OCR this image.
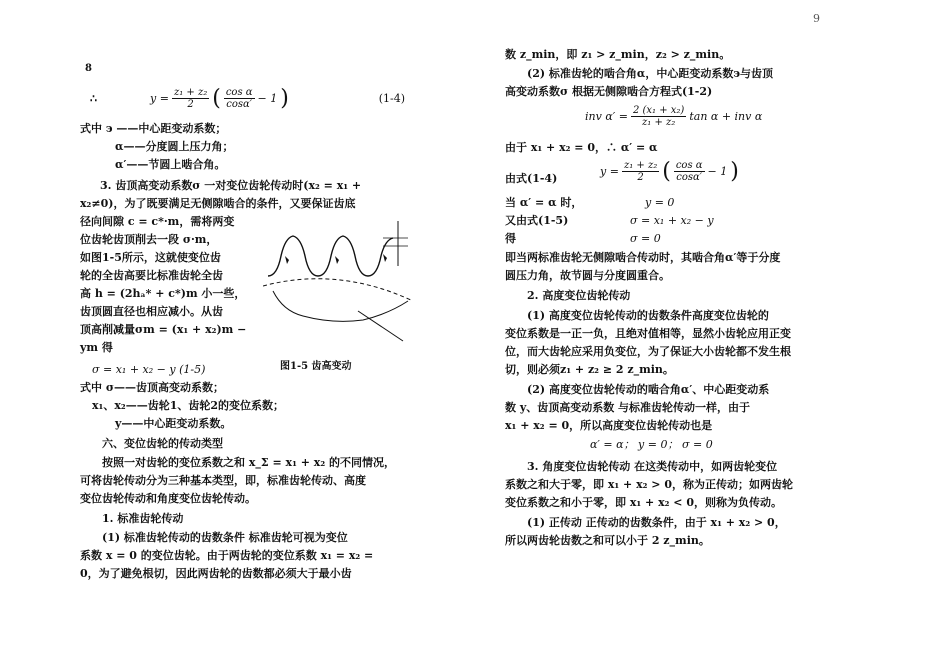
9
8
∴	$y = \frac{\text{z₁ + z₂}}{2}$ ( $\frac{\text{cos α}}{\cos\alpha'} - 1$ )	(1-4)
式中 ϶ ——中心距变动系数；
α——分度圆上压力角；
α′——节圆上啮合角。
3. 齿顶高变动系数σ 一对变位齿轮传动时(x₂ = x₁ +
x₂≠0)，为了既要满足无侧隙啮合的条件，又要保证齿底
径向间隙 c = c*·m，需将两变
位齿轮齿顶削去一段 σ·m，
如图1-5所示，这就使变位齿
轮的全齿高要比标准齿轮全齿
高 h = (2hₐ* + c*)m 小一些，
齿顶圆直径也相应减小。从齿
顶高削减量σm = (x₁ + x₂)m −
ym 得
σ = x₁ + x₂ − y (1-5)
式中 σ——齿顶高变动系数；
x₁、x₂——齿轮1、齿轮2的变位系数；
y——中心距变动系数。
六、变位齿轮的传动类型
按照一对齿轮的变位系数之和 x_Σ = x₁ + x₂ 的不同情况，
可将齿轮传动分为三种基本类型，即，标准齿轮传动、高度
变位齿轮传动和角度变位齿轮传动。
1. 标准齿轮传动
(1) 标准齿轮传动的齿数条件 标准齿轮可视为变位
系数 x = 0 的变位齿轮。由于两齿轮的变位系数 x₁ = x₂ =
0，为了避免根切，因此两齿轮的齿数都必须大于最小齿
图1-5 齿高变动
数 z_min，即 z₁ > z_min，z₂ > z_min。
(2) 标准齿轮的啮合角α，中心距变动系数϶与齿顶
高变动系数σ 根据无侧隙啮合方程式(1-2)
inv $\alpha' = \frac{\text{2 (x₁ + x₂)}}{\text{z₁ + z₂}}$ tan α + inv α
由于 x₁ + x₂ = 0，∴ α′ = α
由式(1-4)
$y = \frac{\text{z₁ + z₂}}{2}$ ( $\frac{\text{cos α}}{\cos\alpha'} - 1$ )
当 α′ = α 时，	y = 0
又由式(1-5)	σ = x₁ + x₂ − y
得	σ = 0
即当两标准齿轮无侧隙啮合传动时，其啮合角α′等于分度
圆压力角，故节圆与分度圆重合。
2. 高度变位齿轮传动
(1) 高度变位齿轮传动的齿数条件高度变位齿轮的
变位系数是一正一负，且绝对值相等，显然小齿轮应用正变
位，而大齿轮应采用负变位，为了保证大小齿轮都不发生根
切，则必须z₁ + z₂ ≥ 2 z_min。
(2) 高度变位齿轮传动的啮合角α′、中心距变动系
数 y、齿顶高变动系数 与标准齿轮传动一样，由于
x₁ + x₂ = 0，所以高度变位齿轮传动也是
α′ = α； y = 0； σ = 0
3. 角度变位齿轮传动 在这类传动中，如两齿轮变位
系数之和大于零，即 x₁ + x₂ > 0，称为正传动；如两齿轮
变位系数之和小于零，即 x₁ + x₂ < 0，则称为负传动。
(1) 正传动 正传动的齿数条件，由于 x₁ + x₂ > 0，
所以两齿轮齿数之和可以小于 2 z_min。
